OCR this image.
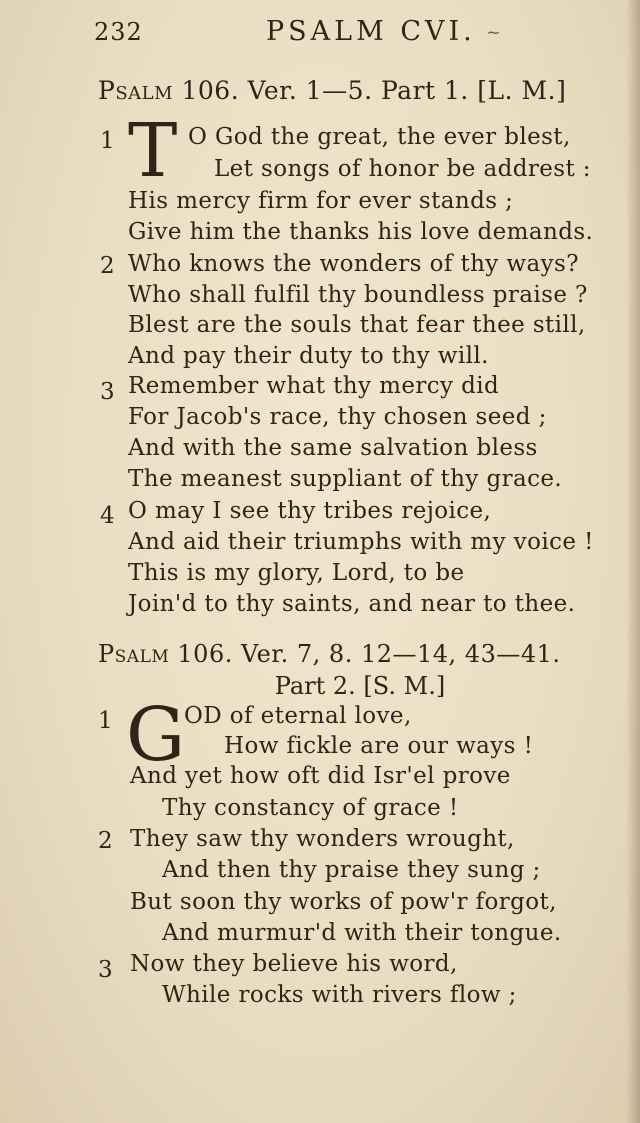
232	PSALM CVI. ~
Psalm 106. Ver. 1—5. Part 1. [L. M.]
1 T O God the great, the ever blest,
Let songs of honor be addrest :
His mercy firm for ever stands ;
Give him the thanks his love demands.
2 Who knows the wonders of thy ways?
Who shall fulfil thy boundless praise ?
Blest are the souls that fear thee still,
And pay their duty to thy will.
3 Remember what thy mercy did
For Jacob's race, thy chosen seed ;
And with the same salvation bless
The meanest suppliant of thy grace.
4 O may I see thy tribes rejoice,
And aid their triumphs with my voice !
This is my glory, Lord, to be
Join'd to thy saints, and near to thee.
Psalm 106. Ver. 7, 8. 12—14, 43—41.
Part 2. [S. M.]
1 G
OD of eternal love,
How fickle are our ways !
And yet how oft did Isr'el prove
Thy constancy of grace !
2 They saw thy wonders wrought,
And then thy praise they sung ;
But soon thy works of pow'r forgot,
And murmur'd with their tongue.
3 Now they believe his word,
While rocks with rivers flow ;
